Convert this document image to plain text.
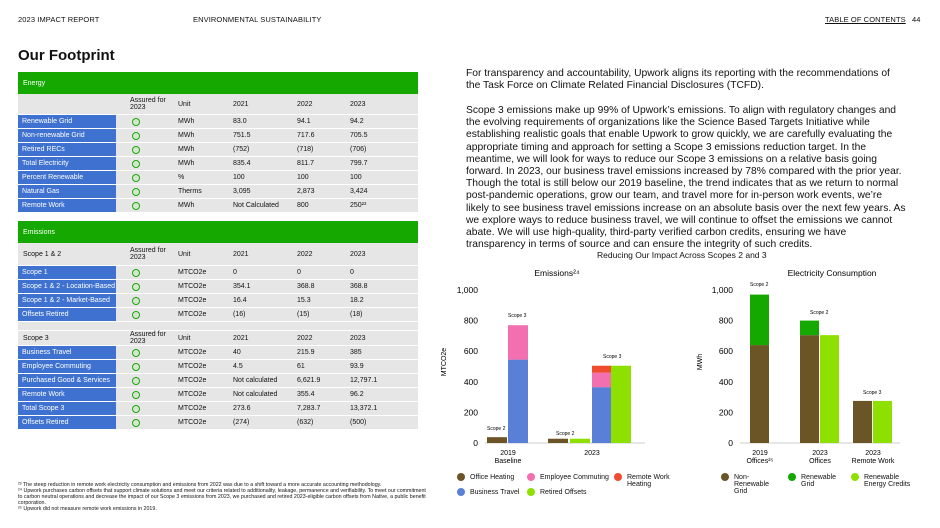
2023 IMPACT REPORT	ENVIRONMENTAL SUSTAINABILITY	TABLE OF CONTENTS 44
Our Footprint
Energy
Assured for 2023	Unit	2021	2022	2023
Renewable Grid	MWh	83.0	94.1	94.2
Non-renewable Grid	MWh	751.5	717.6	705.5
Retired RECs	MWh	(752)	(718)	(706)
Total Electricity	MWh	835.4	811.7	799.7
Percent Renewable	%	100	100	100
Natural Gas	Therms	3,095	2,873	3,424
Remote Work	MWh	Not Calculated	800	250²³
Emissions
Scope 1 & 2	Assured for 2023	Unit	2021	2022	2023
Scope 1	MTCO2e	0	0	0
Scope 1 & 2 - Location-Based	MTCO2e	354.1	368.8	368.8
Scope 1 & 2 - Market-Based	MTCO2e	16.4	15.3	18.2
Offsets Retired	MTCO2e	(16)	(15)	(18)
Scope 3	Assured for 2023	Unit	2021	2022	2023
Business Travel	MTCO2e	40	215.9	385
Employee Commuting	MTCO2e	4.5	61	93.9
Purchased Good & Services	MTCO2e	Not calculated	6,621.9	12,797.1
Remote Work	MTCO2e	Not calculated	355.4	96.2
Total Scope 3	MTCO2e	273.6	7,283.7	13,372.1
Offsets Retired	MTCO2e	(274)	(632)	(500)
For transparency and accountability, Upwork aligns its reporting with the recommendations of the Task Force on Climate Related Financial Disclosures (TCFD).
Scope 3 emissions make up 99% of Upwork’s emissions. To align with regulatory changes and the evolving requirements of organizations like the Science Based Targets Initiative while establishing realistic goals that enable Upwork to grow quickly, we are carefully evaluating the appropriate timing and approach for setting a Scope 3 emissions reduction target. In the meantime, we will look for ways to reduce our Scope 3 emissions on a relative basis going forward. In 2023, our business travel emissions increased by 78% compared with the prior year. Though the total is still below our 2019 baseline, the trend indicates that as we return to normal post-pandemic operations, grow our team, and travel more for in-person work events, we’re likely to see business travel emissions increase on an absolute basis over the next few years. As we explore ways to reduce business travel, we will continue to offset the emissions we cannot abate. We will use high-quality, third-party verified carbon credits, ensuring we have transparency in terms of source and can ensure the integrity of such credits.
Reducing Our Impact Across Scopes 2 and 3
Emissions²⁴
0
200
400
600
800
1,000
MTCO2e
Scope 2
Scope 3
Scope 2
Scope 3
2019
Baseline
2023
Electricity Consumption
0
200
400
600
800
1,000
MWh
Scope 2
Scope 2
Scope 3
2019
Offices²⁵
2023
Offices
2023
Remote Work
Office Heating	Employee Commuting	Remote Work
Heating
Business Travel	Retired Offsets
Non-Renewable
Grid
Renewable
Grid
Renewable
Energy Credits
²³ The steep reduction in remote work electricity consumption and emissions from 2022 was due to a shift toward a more accurate accounting methodology.
²⁴ Upwork purchases carbon offsets that support climate solutions and meet our criteria related to additionality, leakage, permanence and verifiability. To meet our commitment to carbon neutral operations and decrease the impact of our Scope 3 emissions from 2023, we purchased and retired 2023-eligible carbon offsets from Native, a public benefit corporation.
²⁵ Upwork did not measure remote work emissions in 2019.
